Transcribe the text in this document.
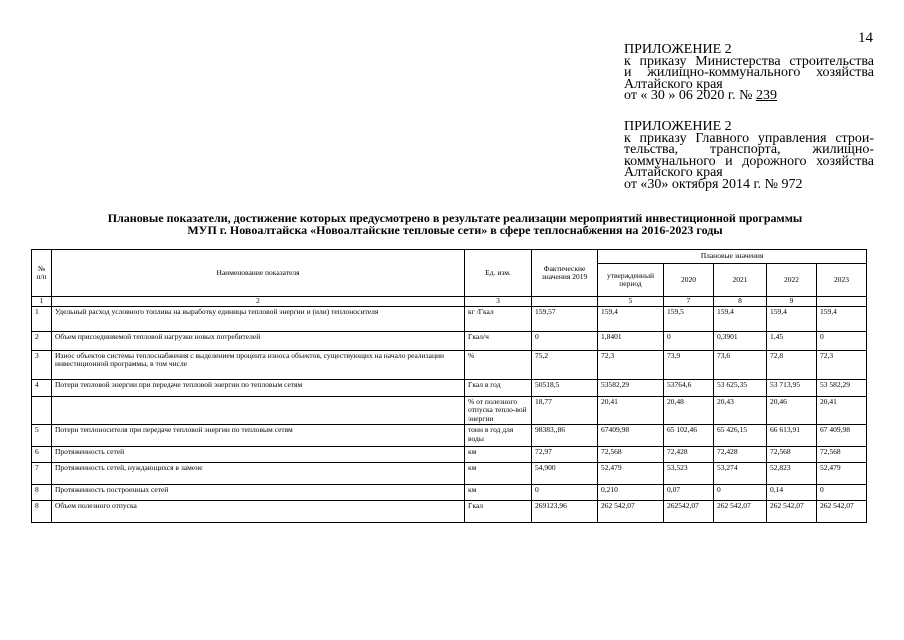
14
ПРИЛОЖЕНИЕ 2
к приказу Министерства строительства
и жилищно-коммунального хозяйства
Алтайского края
от « 30 » 06 2020 г. № 239
ПРИЛОЖЕНИЕ 2
к приказу Главного управления строи-
тельства, транспорта, жилищно-
коммунального и дорожного хозяйства
Алтайского края
от «30» октября 2014 г. № 972
Плановые показатели, достижение которых предусмотрено в результате реализации мероприятий инвестиционной программы
МУП г. Новоалтайска «Новоалтайские тепловые сети» в сфере теплоснабжения на 2016-2023 годы
№ п/п	Наименование показателя	Ед. изм.	Фактические значения 2019	Плановые значения				
				утвержденный период	2020	2021	2022	2023
1	2	3		5	7	8	9	
1	Удельный расход условного топлива на выработку единицы тепловой энергии и (или) теплоносителя	кг /Гкал	159,57	159,4	159,5	159,4	159,4	159,4
2	Объем присоединяемой тепловой нагрузки новых потребителей	Гкал/ч	0	1,8401	0	0,3901	1,45	0
3	Износ объектов системы теплоснабжения с выделением процента износа объектов, существующих на начало реализации инвестиционной программы, в том числе	%	75,2	72,3	73,9	73,6	72,8	72,3
4	Потери тепловой энергии при передаче тепловой энергии по тепловым сетям	Гкал в год	50518,5	53582,29	53764,6	53 625,35	53 713,95	53 582,29
		% от полезного отпуска тепло-вой энергии	18,77	20,41	20,48	20,43	20,46	20,41
5	Потери теплоносителя при передаче тепловой энергии по тепловым сетям	тонн в год для воды	98383,,86	67409,98	65 102,46	65 426,15	66 613,91	67 409,98
6	Протяженность сетей	км	72,97	72,568	72,428	72,428	72,568	72,568
7	Протяженность сетей, нуждающихся в замене	км	54,900	52,479	53,523	53,274	52,823	52,479
8	Протяженность построенных сетей	км	0	0,210	0,07	0	0,14	0
8	Объем полезного отпуска	Гкал	269123,96	262 542,07	262542,07	262 542,07	262 542,07	262 542,07
